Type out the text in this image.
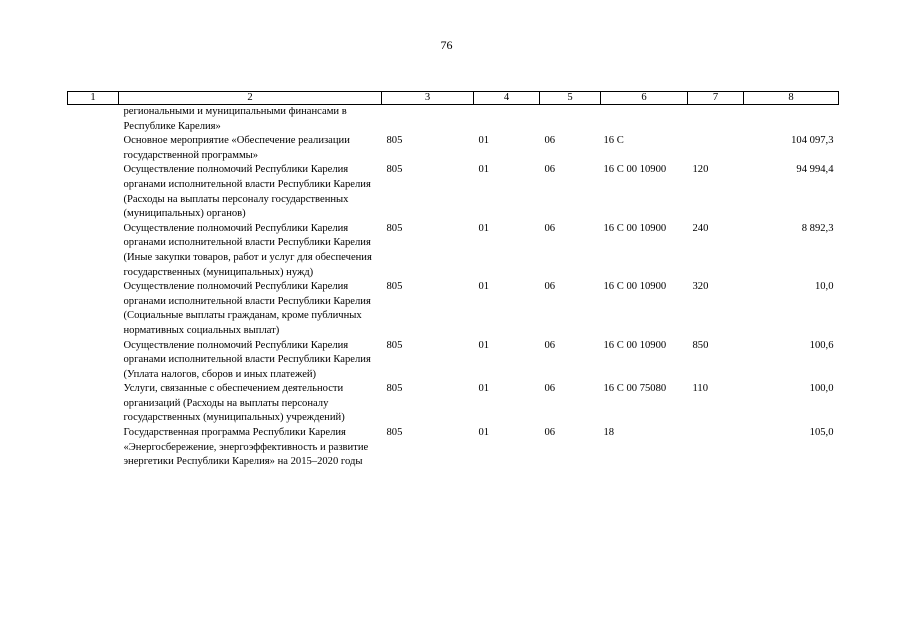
76
1	2	3	4	5	6	7	8
	региональными и муниципальными финансами в Республике Карелия»						
	Основное мероприятие «Обеспечение реализации государственной программы»	805	01	06	16 С		104 097,3
	Осуществление полномочий Республики Карелия органами исполнительной власти Республики Карелия (Расходы на выплаты персоналу государственных (муниципальных) органов)	805	01	06	16 С 00 10900	120	94 994,4
	Осуществление полномочий Республики Карелия органами исполнительной власти Республики Карелия (Иные закупки товаров, работ и услуг для обеспечения государственных (муниципальных) нужд)	805	01	06	16 С 00 10900	240	8 892,3
	Осуществление полномочий Республики Карелия органами исполнительной власти Республики Карелия (Социальные выплаты гражданам, кроме публичных нормативных социальных выплат)	805	01	06	16 С 00 10900	320	10,0
	Осуществление полномочий Республики Карелия органами исполнительной власти Республики Карелия (Уплата налогов, сборов и иных платежей)	805	01	06	16 С 00 10900	850	100,6
	Услуги, связанные с обеспечением деятельности организаций (Расходы на выплаты персоналу государственных (муниципальных) учреждений)	805	01	06	16 С 00 75080	110	100,0
	Государственная программа Республики Карелия «Энергосбережение, энергоэффективность и развитие энергетики Республики Карелия» на 2015–2020 годы	805	01	06	18		105,0
